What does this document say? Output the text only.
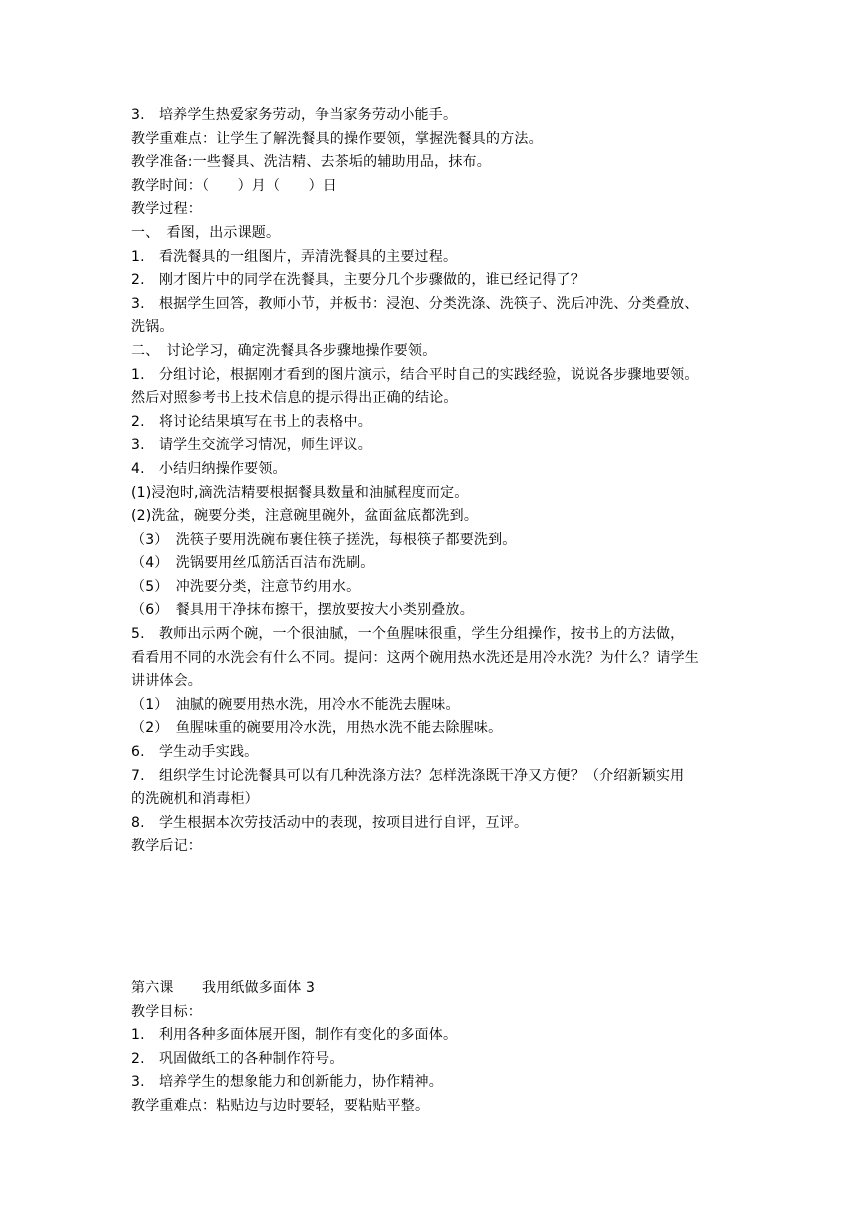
3.　培养学生热爱家务劳动，争当家务劳动小能手。
教学重难点：让学生了解洗餐具的操作要领，掌握洗餐具的方法。
教学准备:一些餐具、洗洁精、去茶垢的辅助用品，抹布。
教学时间：（　　）月（　　）日
教学过程：
一、　看图，出示课题。
1.　看洗餐具的一组图片，弄清洗餐具的主要过程。
2.　刚才图片中的同学在洗餐具，主要分几个步骤做的，谁已经记得了？
3.　根据学生回答，教师小节，并板书：浸泡、分类洗涤、洗筷子、洗后冲洗、分类叠放、
洗锅。
二、　讨论学习，确定洗餐具各步骤地操作要领。
1.　分组讨论，根据刚才看到的图片演示，结合平时自己的实践经验，说说各步骤地要领。
然后对照参考书上技术信息的提示得出正确的结论。
2.　将讨论结果填写在书上的表格中。
3.　请学生交流学习情况，师生评议。
4.　小结归纳操作要领。
(1)浸泡时,滴洗洁精要根据餐具数量和油腻程度而定。
(2)洗盆，碗要分类，注意碗里碗外，盆面盆底都洗到。
（3）　洗筷子要用洗碗布裹住筷子搓洗，每根筷子都要洗到。
（4）　洗锅要用丝瓜筋活百洁布洗刷。
（5）　冲洗要分类，注意节约用水。
（6）　餐具用干净抹布擦干，摆放要按大小类别叠放。
5.　教师出示两个碗，一个很油腻，一个鱼腥味很重，学生分组操作，按书上的方法做，
看看用不同的水洗会有什么不同。提问：这两个碗用热水洗还是用冷水洗？为什么？请学生
讲讲体会。
（1）　油腻的碗要用热水洗，用冷水不能洗去腥味。
（2）　鱼腥味重的碗要用冷水洗，用热水洗不能去除腥味。
6.　学生动手实践。
7.　组织学生讨论洗餐具可以有几种洗涤方法？怎样洗涤既干净又方便？（介绍新颖实用
的洗碗机和消毒柜）
8.　学生根据本次劳技活动中的表现，按项目进行自评，互评。
教学后记：
第六课　　我用纸做多面体 3
教学目标：
1.　利用各种多面体展开图，制作有变化的多面体。
2.　巩固做纸工的各种制作符号。
3.　培养学生的想象能力和创新能力，协作精神。
教学重难点：粘贴边与边时要轻，要粘贴平整。
